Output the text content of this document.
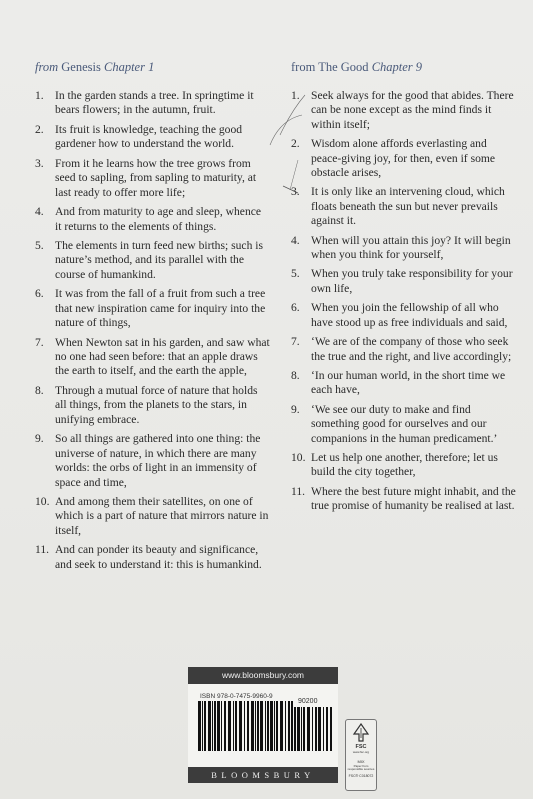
from Genesis Chapter 1
1. In the garden stands a tree. In springtime it bears flowers; in the autumn, fruit.
2. Its fruit is knowledge, teaching the good gardener how to understand the world.
3. From it he learns how the tree grows from seed to sapling, from sapling to maturity, at last ready to offer more life;
4. And from maturity to age and sleep, whence it returns to the elements of things.
5. The elements in turn feed new births; such is nature’s method, and its parallel with the course of humankind.
6. It was from the fall of a fruit from such a tree that new inspiration came for inquiry into the nature of things,
7. When Newton sat in his garden, and saw what no one had seen before: that an apple draws the earth to itself, and the earth the apple,
8. Through a mutual force of nature that holds all things, from the planets to the stars, in unifying embrace.
9. So all things are gathered into one thing: the universe of nature, in which there are many worlds: the orbs of light in an immensity of space and time,
10. And among them their satellites, on one of which is a part of nature that mirrors nature in itself,
11. And can ponder its beauty and significance, and seek to understand it: this is humankind.
from The Good Chapter 9
1. Seek always for the good that abides. There can be none except as the mind finds it within itself;
2. Wisdom alone affords everlasting and peace-giving joy, for then, even if some obstacle arises,
3. It is only like an intervening cloud, which floats beneath the sun but never prevails against it.
4. When will you attain this joy? It will begin when you think for yourself,
5. When you truly take responsibility for your own life,
6. When you join the fellowship of all who have stood up as free individuals and said,
7. ‘We are of the company of those who seek the true and the right, and live accordingly;
8. ‘In our human world, in the short time we each have,
9. ‘We see our duty to make and find something good for ourselves and our companions in the human predicament.’
10. Let us help one another, therefore; let us build the city together,
11. Where the best future might inhabit, and the true promise of humanity be realised at last.
www.bloomsbury.com
ISBN 978-0-7475-9960-9
90200
BLOOMSBURY
FSC
www.fsc.org
MIX
Paper from responsible sources
FSC® C018072
